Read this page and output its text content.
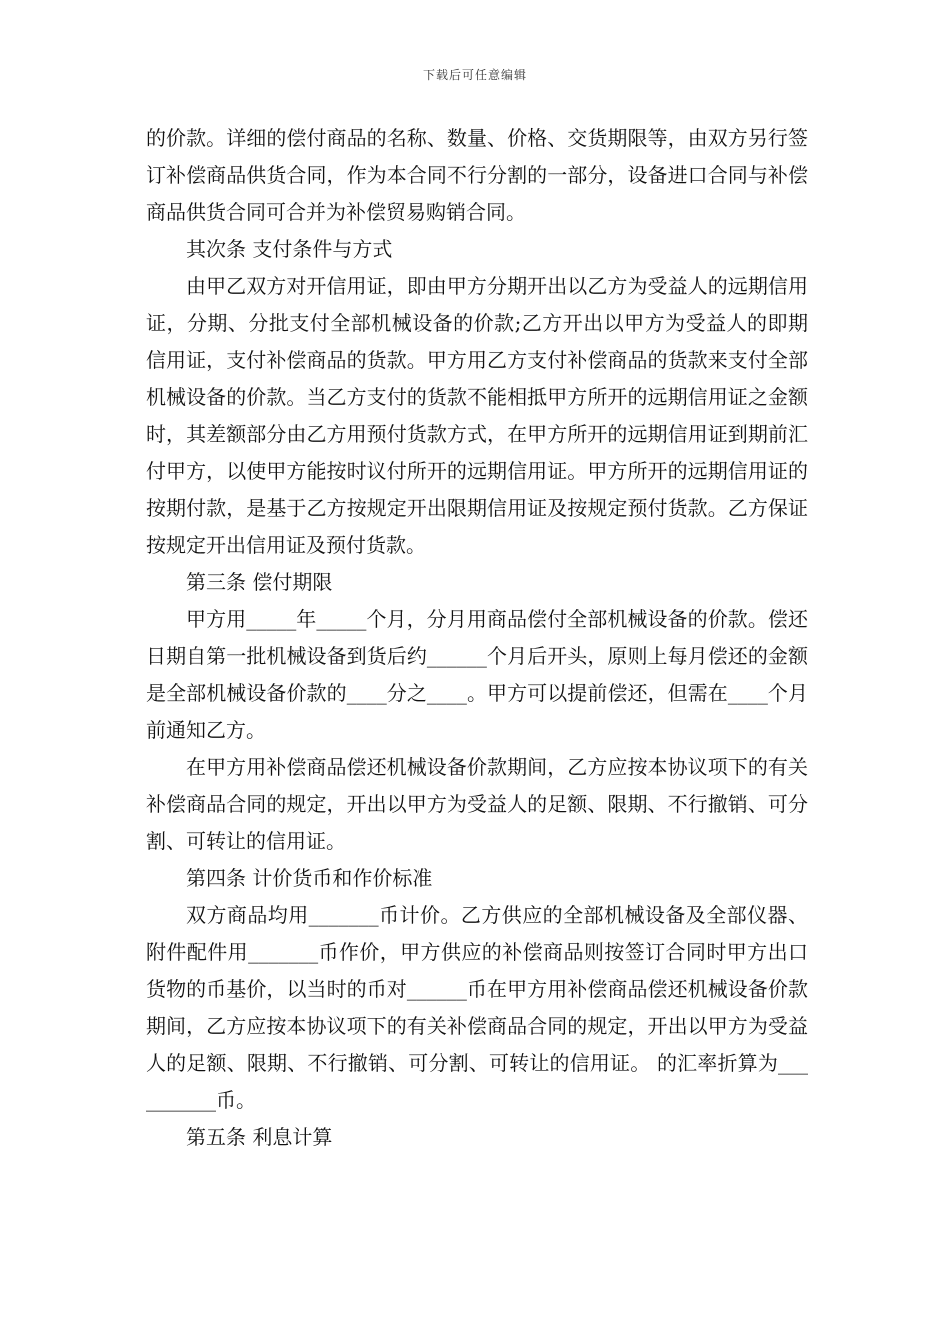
下载后可任意编辑

的价款。详细的偿付商品的名称、数量、价格、交货期限等，由双方另行签订补偿商品供货合同，作为本合同不行分割的一部分，设备进口合同与补偿商品供货合同可合并为补偿贸易购销合同。

其次条 支付条件与方式

由甲乙双方对开信用证，即由甲方分期开出以乙方为受益人的远期信用证，分期、分批支付全部机械设备的价款;乙方开出以甲方为受益人的即期信用证，支付补偿商品的货款。甲方用乙方支付补偿商品的货款来支付全部机械设备的价款。当乙方支付的货款不能相抵甲方所开的远期信用证之金额时，其差额部分由乙方用预付货款方式，在甲方所开的远期信用证到期前汇付甲方，以使甲方能按时议付所开的远期信用证。甲方所开的远期信用证的按期付款，是基于乙方按规定开出限期信用证及按规定预付货款。乙方保证按规定开出信用证及预付货款。

第三条 偿付期限

甲方用_____年_____个月，分月用商品偿付全部机械设备的价款。偿还日期自第一批机械设备到货后约______个月后开头，原则上每月偿还的金额是全部机械设备价款的____分之____。甲方可以提前偿还，但需在____个月前通知乙方。

在甲方用补偿商品偿还机械设备价款期间，乙方应按本协议项下的有关补偿商品合同的规定，开出以甲方为受益人的足额、限期、不行撤销、可分割、可转让的信用证。

第四条 计价货币和作价标准

双方商品均用_______币计价。乙方供应的全部机械设备及全部仪器、附件配件用_______币作价，甲方供应的补偿商品则按签订合同时甲方出口货物的币基价，以当时的币对______币在甲方用补偿商品偿还机械设备价款期间，乙方应按本协议项下的有关补偿商品合同的规定，开出以甲方为受益人的足额、限期、不行撤销、可分割、可转让的信用证。 的汇率折算为__________币。

第五条 利息计算
